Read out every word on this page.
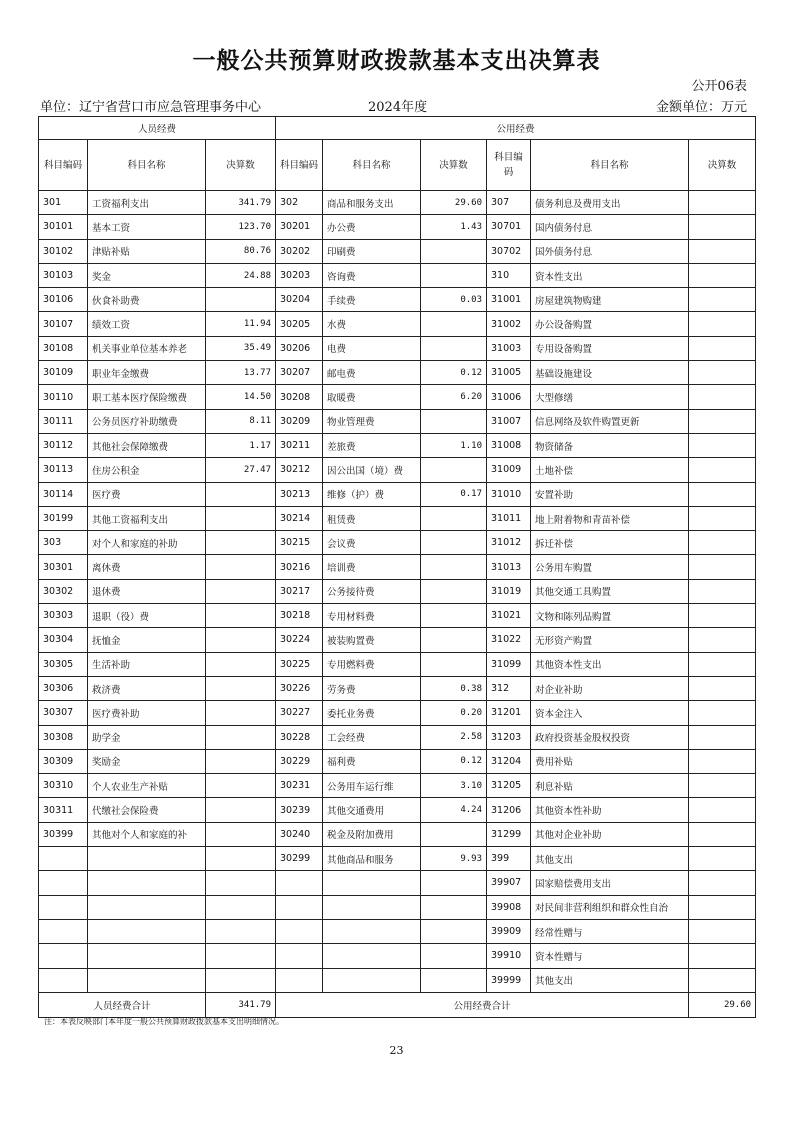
一般公共预算财政拨款基本支出决算表
公开06表
单位：辽宁省营口市应急管理事务中心	2024年度	金额单位：万元
人员经费			公用经费					
科目编码	科目名称	决算数	科目编码	科目名称	决算数	科目编码	科目名称	决算数
301	工资福利支出	341.79	302	商品和服务支出	29.60	307	债务利息及费用支出	
30101	基本工资	123.70	30201	办公费	1.43	30701	国内债务付息	
30102	津贴补贴	80.76	30202	印刷费		30702	国外债务付息	
30103	奖金	24.88	30203	咨询费		310	资本性支出	
30106	伙食补助费		30204	手续费	0.03	31001	房屋建筑物购建	
30107	绩效工资	11.94	30205	水费		31002	办公设备购置	
30108	机关事业单位基本养老	35.49	30206	电费		31003	专用设备购置	
30109	职业年金缴费	13.77	30207	邮电费	0.12	31005	基础设施建设	
30110	职工基本医疗保险缴费	14.50	30208	取暖费	6.20	31006	大型修缮	
30111	公务员医疗补助缴费	8.11	30209	物业管理费		31007	信息网络及软件购置更新	
30112	其他社会保障缴费	1.17	30211	差旅费	1.10	31008	物资储备	
30113	住房公积金	27.47	30212	因公出国（境）费		31009	土地补偿	
30114	医疗费		30213	维修（护）费	0.17	31010	安置补助	
30199	其他工资福利支出		30214	租赁费		31011	地上附着物和青苗补偿	
303	对个人和家庭的补助		30215	会议费		31012	拆迁补偿	
30301	离休费		30216	培训费		31013	公务用车购置	
30302	退休费		30217	公务接待费		31019	其他交通工具购置	
30303	退职（役）费		30218	专用材料费		31021	文物和陈列品购置	
30304	抚恤金		30224	被装购置费		31022	无形资产购置	
30305	生活补助		30225	专用燃料费		31099	其他资本性支出	
30306	救济费		30226	劳务费	0.38	312	对企业补助	
30307	医疗费补助		30227	委托业务费	0.20	31201	资本金注入	
30308	助学金		30228	工会经费	2.58	31203	政府投资基金股权投资	
30309	奖励金		30229	福利费	0.12	31204	费用补贴	
30310	个人农业生产补贴		30231	公务用车运行维	3.10	31205	利息补贴	
30311	代缴社会保险费		30239	其他交通费用	4.24	31206	其他资本性补助	
30399	其他对个人和家庭的补		30240	税金及附加费用		31299	其他对企业补助	
			30299	其他商品和服务	9.93	399	其他支出	
						39907	国家赔偿费用支出	
						39908	对民间非营利组织和群众性自治	
						39909	经常性赠与	
						39910	资本性赠与	
						39999	其他支出	
人员经费合计		341.79	公用经费合计					29.60
注：本表反映部门本年度一般公共预算财政拨款基本支出明细情况。
23
